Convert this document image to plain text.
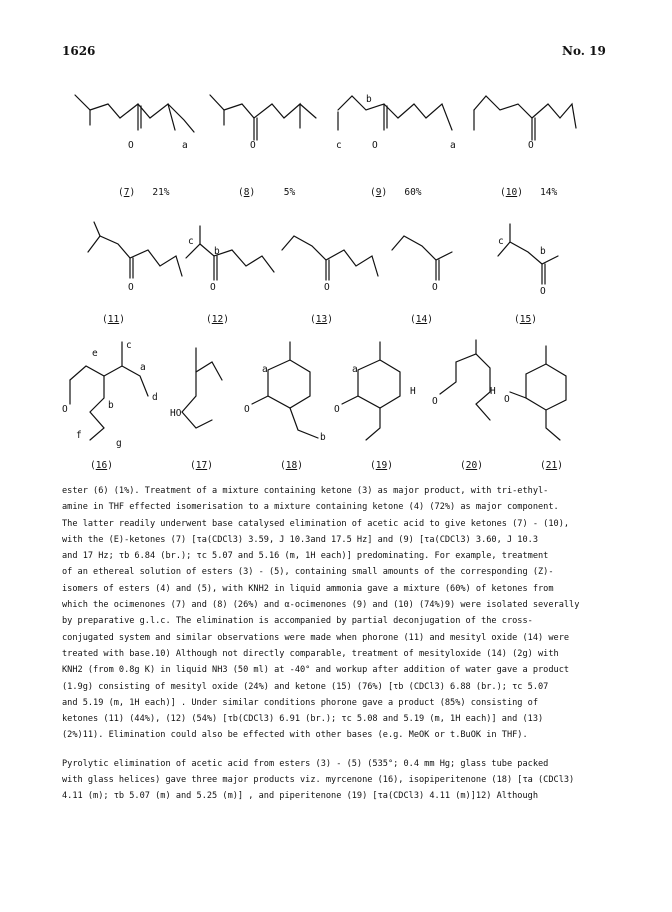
1626	No. 19
a	a
O	O	c	O
b
O
O
c
b
O	O	O
c
b
O
e
c
a
d
O	b
f
g
HO
a
O
b
a
O
H
O
H
O
(7)   21%	(8)     5%	(9)   60%	(10)   14%
(11)	(12)	(13)	(14)	(15)
(16)	(17)	(18)	(19)	(20)	(21)

ester (6) (1%). Treatment of a mixture containing ketone (3) as major product, with tri-ethyl-

amine in THF effected isomerisation to a mixture containing ketone (4) (72%) as major component.

The latter readily underwent base catalysed elimination of acetic acid to give ketones (7) - (10),

with the (E)-ketones (7) [τa(CDCl3) 3.59, J 10.3and 17.5 Hz] and (9) [τa(CDCl3) 3.60, J 10.3

and 17 Hz; τb 6.84 (br.); τc 5.07 and 5.16 (m, 1H each)] predominating. For example, treatment

of an ethereal solution of esters (3) - (5), containing small amounts of the corresponding (Z)-

isomers of esters (4) and (5), with KNH2 in liquid ammonia gave a mixture (60%) of ketones from

which the ocimenones (7) and (8) (26%) and α-ocimenones (9) and (10) (74%)9) were isolated severally

by preparative g.l.c. The elimination is accompanied by partial deconjugation of the cross-

conjugated system and similar observations were made when phorone (11) and mesityl oxide (14) were

treated with base.10) Although not directly comparable, treatment of mesityloxide (14) (2g) with

KNH2 (from 0.8g K) in liquid NH3 (50 ml) at -40° and workup after addition of water gave a product

(1.9g) consisting of mesityl oxide (24%) and ketone (15) (76%) [τb (CDCl3) 6.88 (br.); τc 5.07

and 5.19 (m, 1H each)] . Under similar conditions phorone gave a product (85%) consisting of

ketones (11) (44%), (12) (54%) [τb(CDCl3) 6.91 (br.); τc 5.08 and 5.19 (m, 1H each)] and (13)

(2%)11). Elimination could also be effected with other bases (e.g. MeOK or t.BuOK in THF).

Pyrolytic elimination of acetic acid from esters (3) - (5) (535°; 0.4 mm Hg; glass tube packed

with glass helices) gave three major products viz. myrcenone (16), isopiperitenone (18) [τa (CDCl3)

4.11 (m); τb 5.07 (m) and 5.25 (m)] , and piperitenone (19) [τa(CDCl3) 4.11 (m)]12) Although
